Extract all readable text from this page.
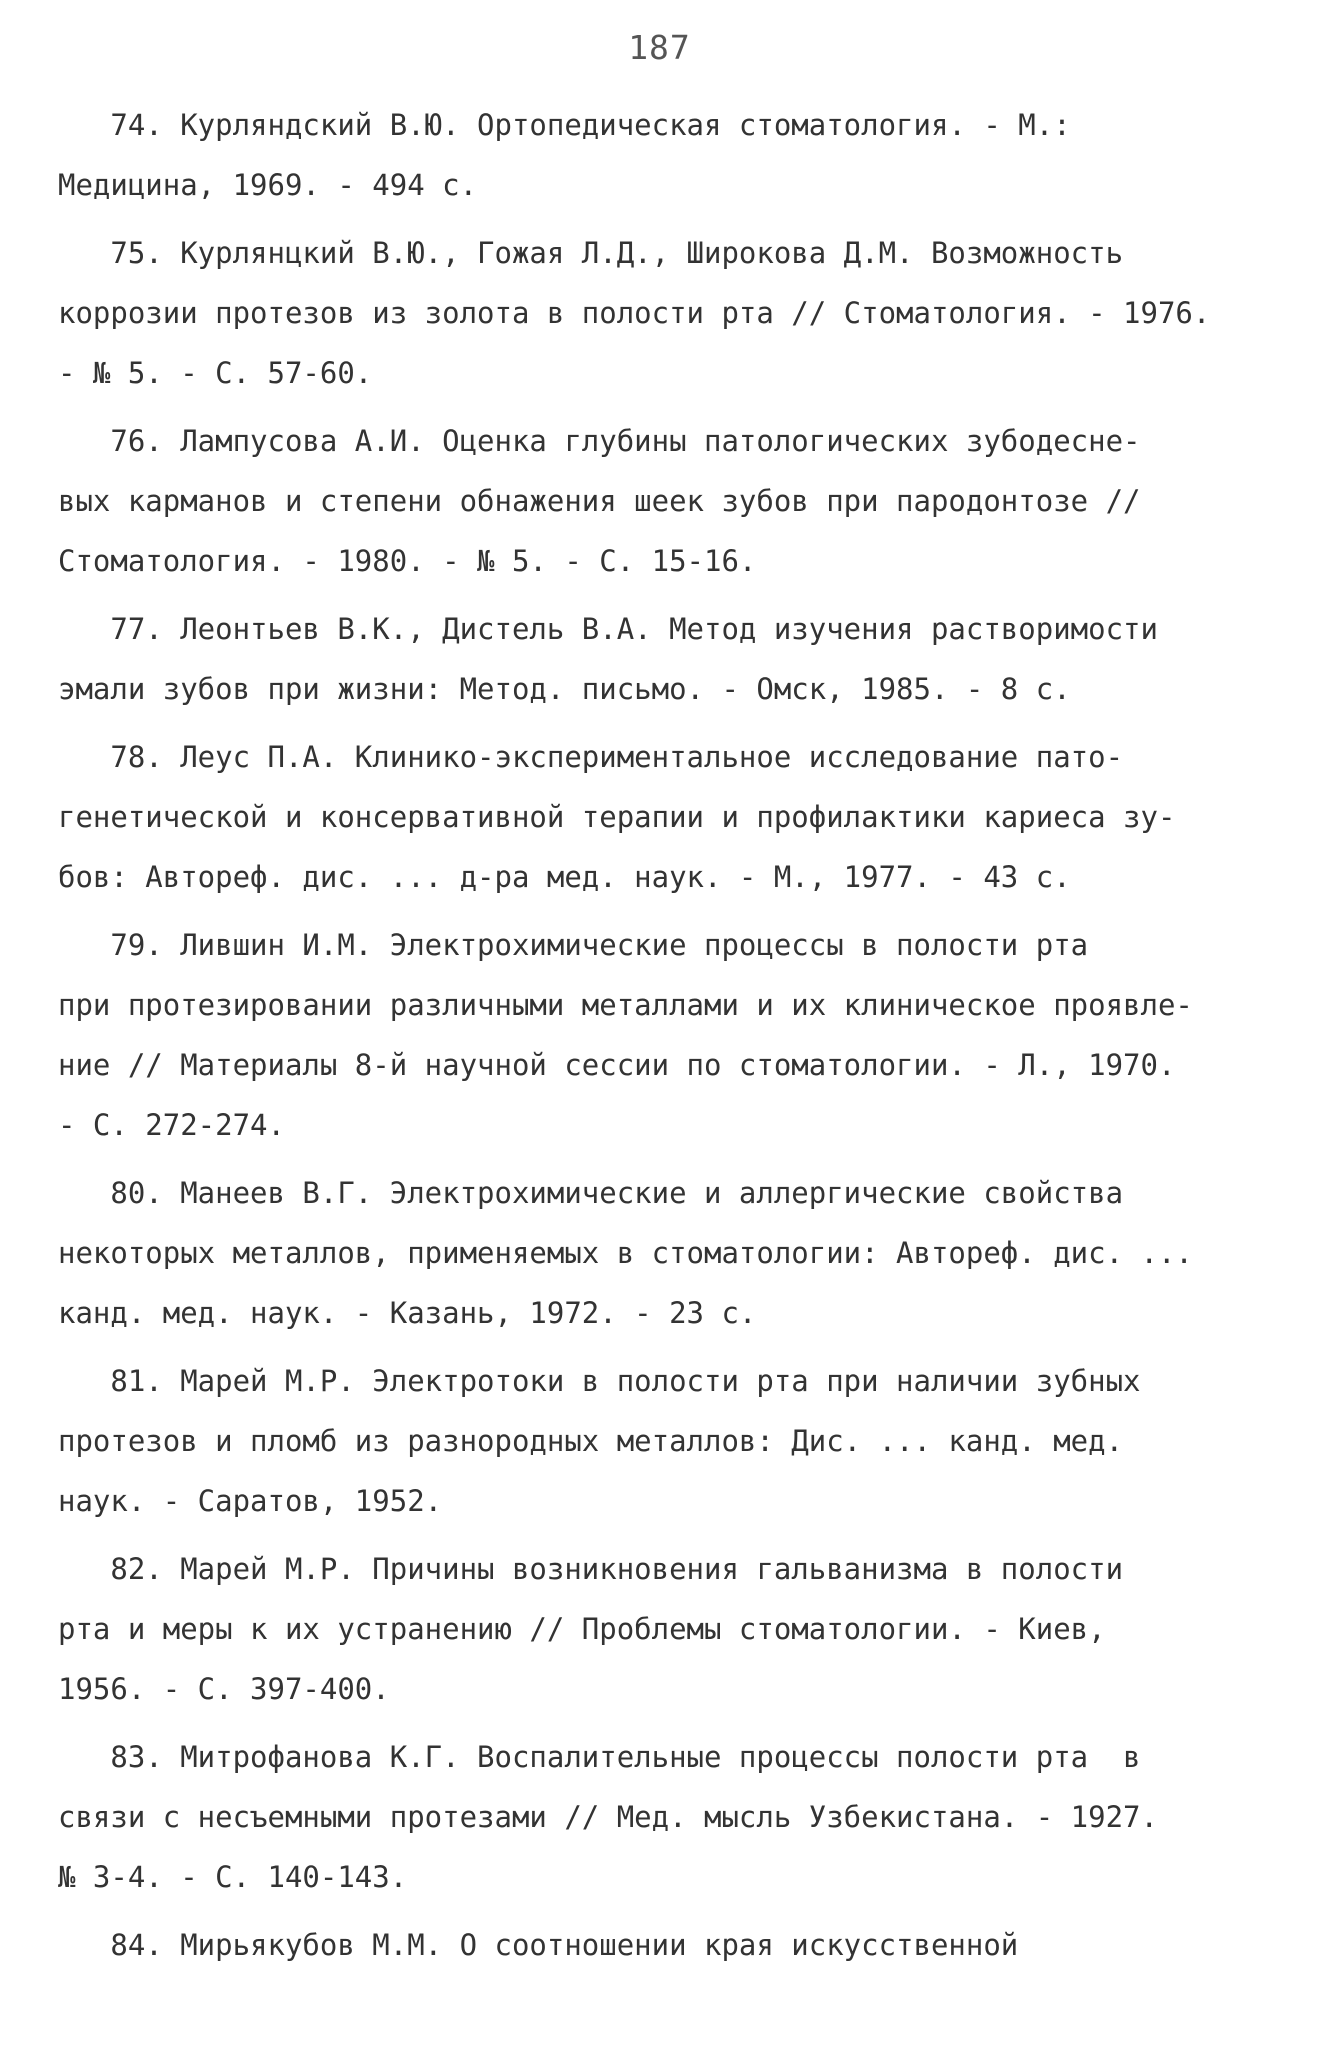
187
74. Курляндский В.Ю. Ортопедическая стоматология. - М.:
Медицина, 1969. - 494 с.
75. Курлянцкий В.Ю., Гожая Л.Д., Широкова Д.М. Возможность
коррозии протезов из золота в полости рта // Стоматология. - 1976.
- № 5. - С. 57-60.
76. Лампусова А.И. Оценка глубины патологических зубодесне-
вых карманов и степени обнажения шеек зубов при пародонтозе //
Стоматология. - 1980. - № 5. - С. 15-16.
77. Леонтьев В.К., Дистель В.А. Метод изучения растворимости
эмали зубов при жизни: Метод. письмо. - Омск, 1985. - 8 с.
78. Леус П.А. Клинико-экспериментальное исследование пато-
генетической и консервативной терапии и профилактики кариеса зу-
бов: Автореф. дис. ... д-ра мед. наук. - М., 1977. - 43 с.
79. Лившин И.М. Электрохимические процессы в полости рта
при протезировании различными металлами и их клиническое проявле-
ние // Материалы 8-й научной сессии по стоматологии. - Л., 1970.
- С. 272-274.
80. Манеев В.Г. Электрохимические и аллергические свойства
некоторых металлов, применяемых в стоматологии: Автореф. дис. ...
канд. мед. наук. - Казань, 1972. - 23 с.
81. Марей М.Р. Электротоки в полости рта при наличии зубных
протезов и пломб из разнородных металлов: Дис. ... канд. мед.
наук. - Саратов, 1952.
82. Марей М.Р. Причины возникновения гальванизма в полости
рта и меры к их устранению // Проблемы стоматологии. - Киев,
1956. - С. 397-400.
83. Митрофанова К.Г. Воспалительные процессы полости рта  в
связи с несъемными протезами // Мед. мысль Узбекистана. - 1927.
№ 3-4. - С. 140-143.
84. Мирьякубов М.М. О соотношении края искусственной
